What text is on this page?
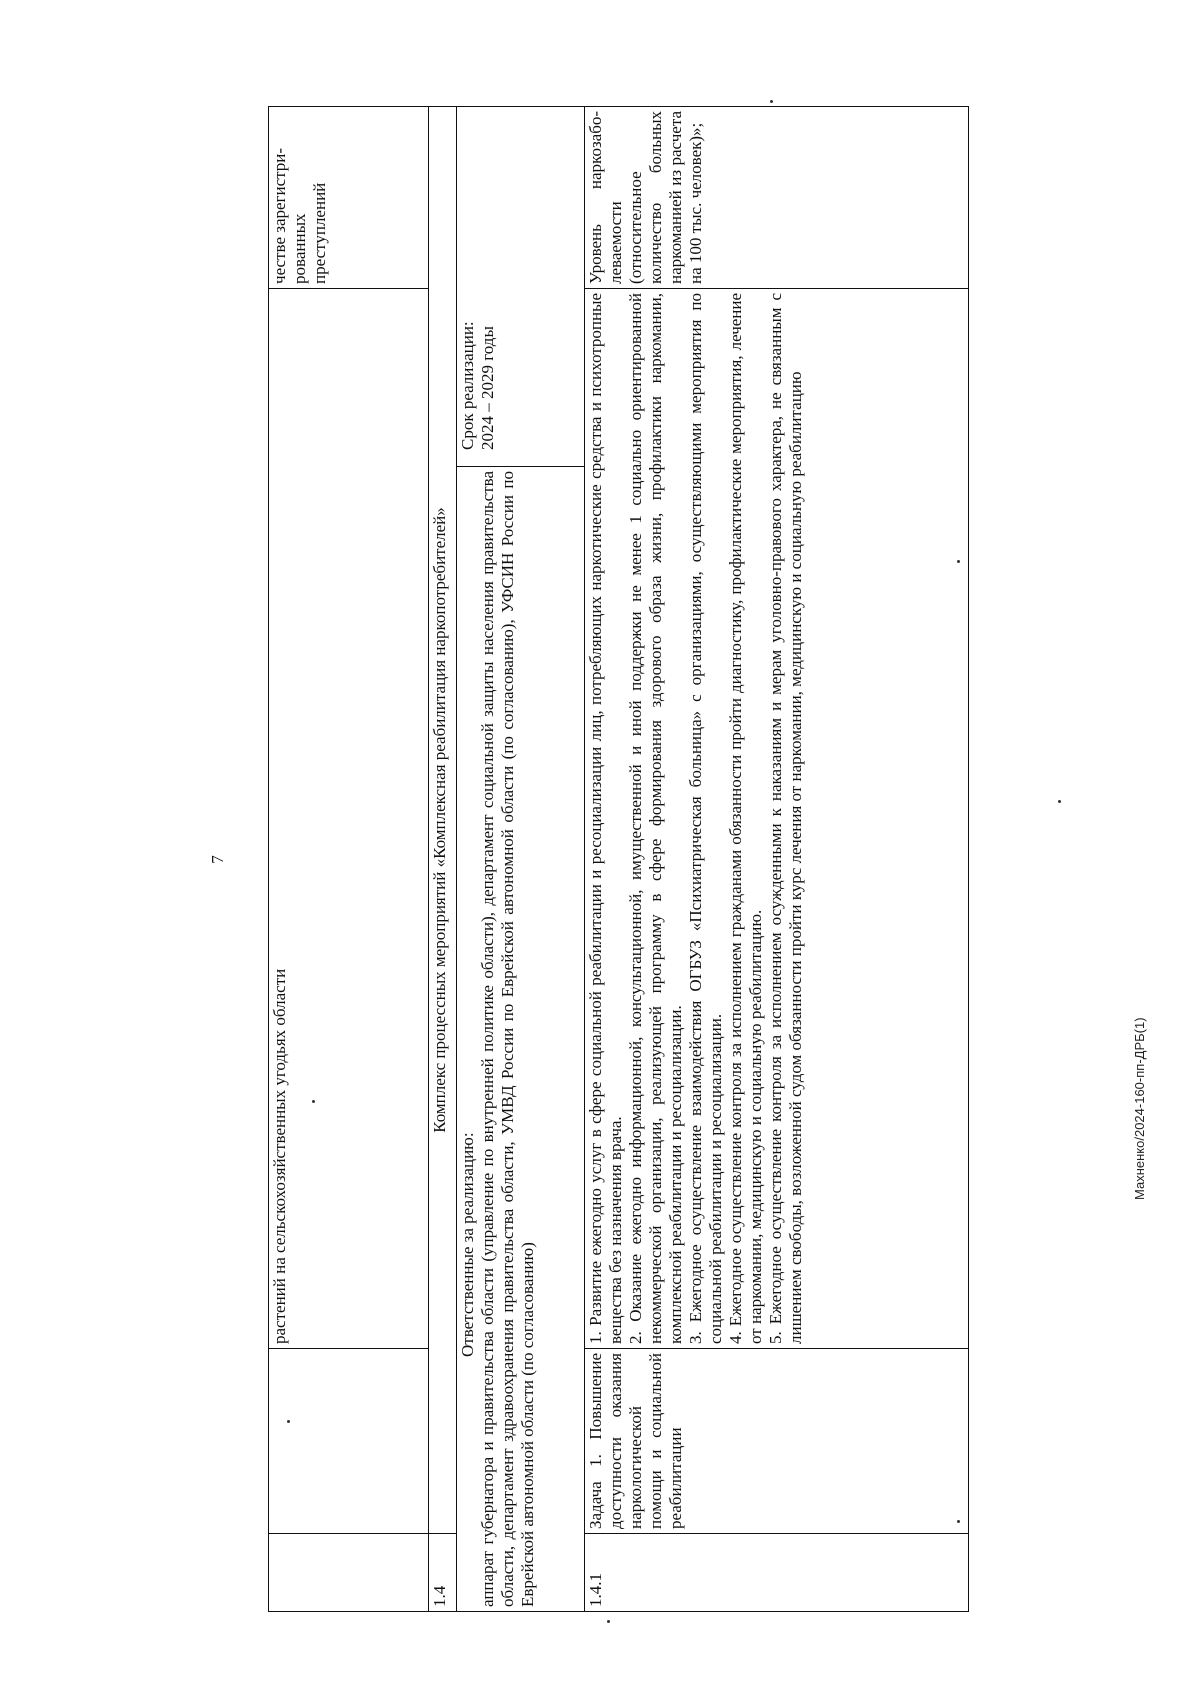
Махненко/2024-160-пп-ДРБ(1)
7
		растений на сельскохозяйственных угодьях области		честве зарегистри-рованных преступлений
1.4	Комплекс процессных мероприятий «Комплексная реабилитация наркопотребителей»			

Ответственные за реализацию: аппарат губернатора и правительства области (управление по внутренней политике области), департамент социальной защиты населения правительства области, департамент здравоохранения правительства области, УМВД России по Еврейской автономной области (по согласованию), УФСИН России по Еврейской автономной области (по согласованию)			Срок реализации: 2024 – 2029 годы	

1.4.1	Задача 1. Повышение доступности оказания наркологической помощи и социальной реабилитации	1. Развитие ежегодно услуг в сфере социальной реабилитации и ресоциализации лиц, потребляющих наркотические средства и психотропные вещества без назначения врача. 2. Оказание ежегодно информационной, консультационной, имущественной и иной поддержки не менее 1 социально ориентированной некоммерческой организации, реализующей программу в сфере формирования здорового образа жизни, профилактики наркомании, комплексной реабилитации и ресоциализации. 3. Ежегодное осуществление взаимодействия ОГБУЗ «Психиатрическая больница» с организациями, осуществляющими мероприятия по социальной реабилитации и ресоциализации. 4. Ежегодное осуществление контроля за исполнением гражданами обязанности пройти диагностику, профилактические мероприятия, лечение от наркомании, медицинскую и социальную реабилитацию. 5. Ежегодное осуществление контроля за исполнением осужденными к наказаниям и мерам уголовно-правового характера, не связанным с лишением свободы, возложенной судом обязанности пройти курс лечения от наркомании, медицинскую и социальную реабилитацию		Уровень наркозабо-леваемости (относительное количество больных наркоманией из расчета на 100 тыс. человек)»;
